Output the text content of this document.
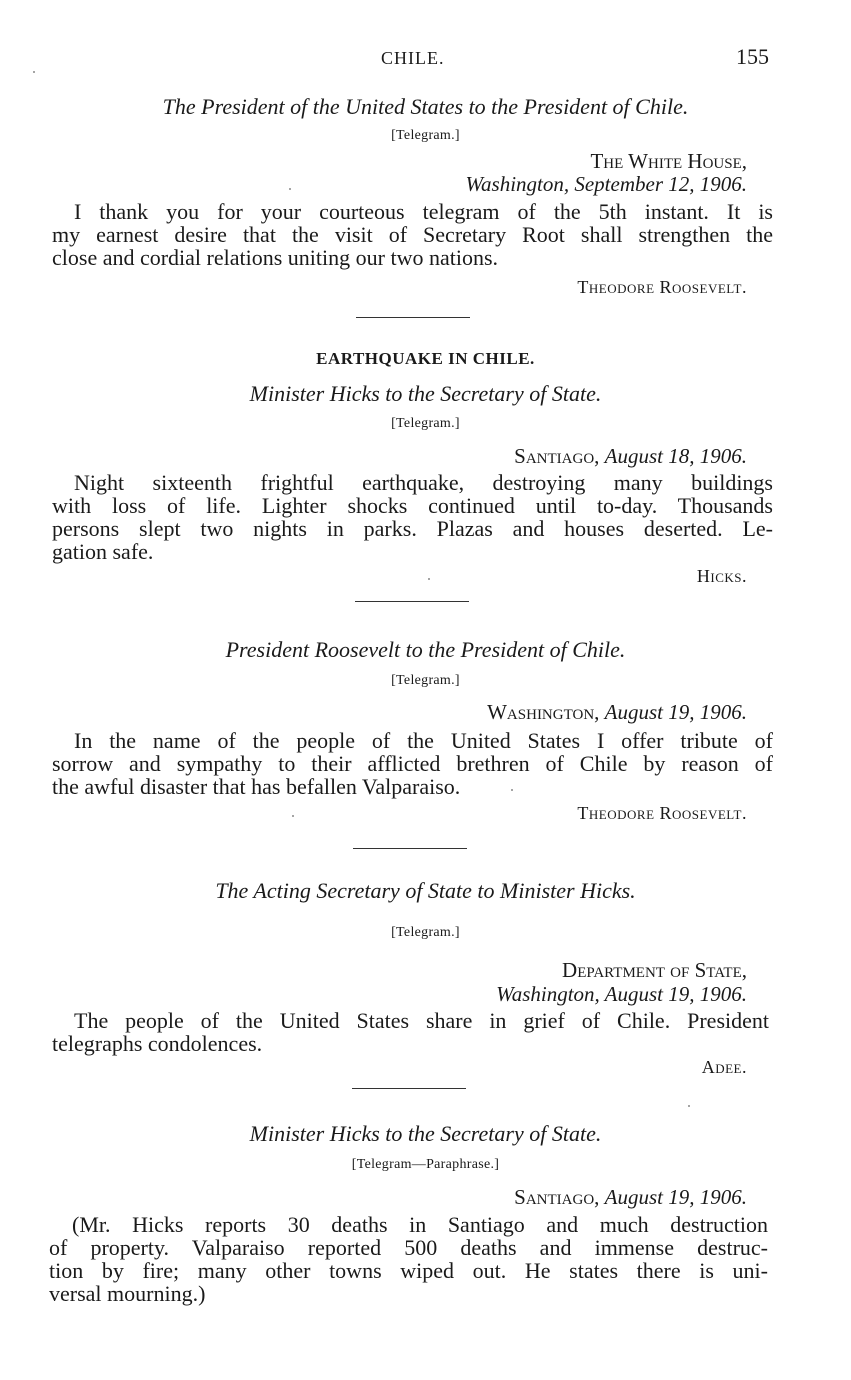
CHILE.	155
The President of the United States to the President of Chile.
[Telegram.]
The White House,
Washington, September 12, 1906.
I thank you for your courteous telegram of the 5th instant. It is
my earnest desire that the visit of Secretary Root shall strengthen the
close and cordial relations uniting our two nations.
Theodore Roosevelt.
EARTHQUAKE IN CHILE.
Minister Hicks to the Secretary of State.
[Telegram.]
Santiago, August 18, 1906.
Night sixteenth frightful earthquake, destroying many buildings
with loss of life. Lighter shocks continued until to-day. Thousands
persons slept two nights in parks. Plazas and houses deserted. Le-
gation safe.
Hicks.
President Roosevelt to the President of Chile.
[Telegram.]
Washington, August 19, 1906.
In the name of the people of the United States I offer tribute of
sorrow and sympathy to their afflicted brethren of Chile by reason of
the awful disaster that has befallen Valparaiso.
Theodore Roosevelt.
The Acting Secretary of State to Minister Hicks.
[Telegram.]
Department of State,
Washington, August 19, 1906.
The people of the United States share in grief of Chile. President
telegraphs condolences.
Adee.
Minister Hicks to the Secretary of State.
[Telegram—Paraphrase.]
Santiago, August 19, 1906.
(Mr. Hicks reports 30 deaths in Santiago and much destruction
of property. Valparaiso reported 500 deaths and immense destruc-
tion by fire; many other towns wiped out. He states there is uni-
versal mourning.)
